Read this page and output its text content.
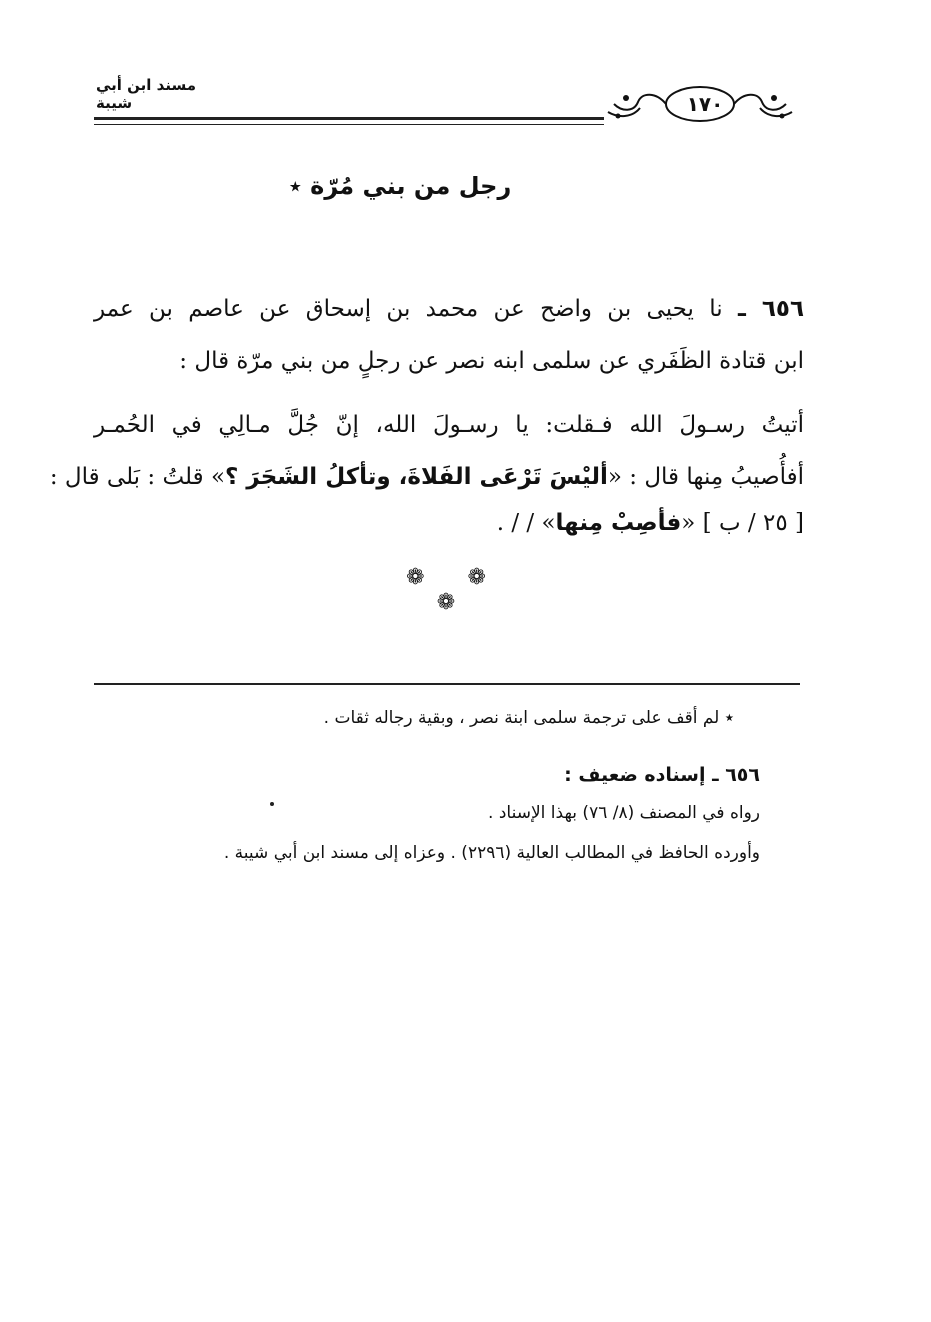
مسند ابن أبي شيبة	١٧٠
رجل من بني مُرّة ٭
٦٥٦ ـ نا يحيى بن واضح عن محمد بن إسحاق عن عاصم بن عمر
ابن قتادة الظَفَري عن سلمى ابنه نصر عن رجلٍ من بني مرّة قال :
أتيتُ رسـولَ الله فـقلت: يا رسـولَ الله، إنّ جُلَّ مـالِي في الحُمـر
أفأُصيبُ مِنها قال : «أليْسَ تَرْعَى الفَلاةَ، وتأكلُ الشَجَرَ ؟» قلتُ : بَلى قال :
[ ٢٥ / ب ] «فأصِبْ مِنها» / / .
❁ ❁ ❁
٭ لم أقف على ترجمة سلمى ابنة نصر ، وبقية رجاله ثقات .
٦٥٦ ـ إسناده ضعيف :
رواه في المصنف (٨/ ٧٦) بهذا الإسناد .
وأورده الحافظ في المطالب العالية (٢٢٩٦) . وعزاه إلى مسند ابن أبي شيبة .
